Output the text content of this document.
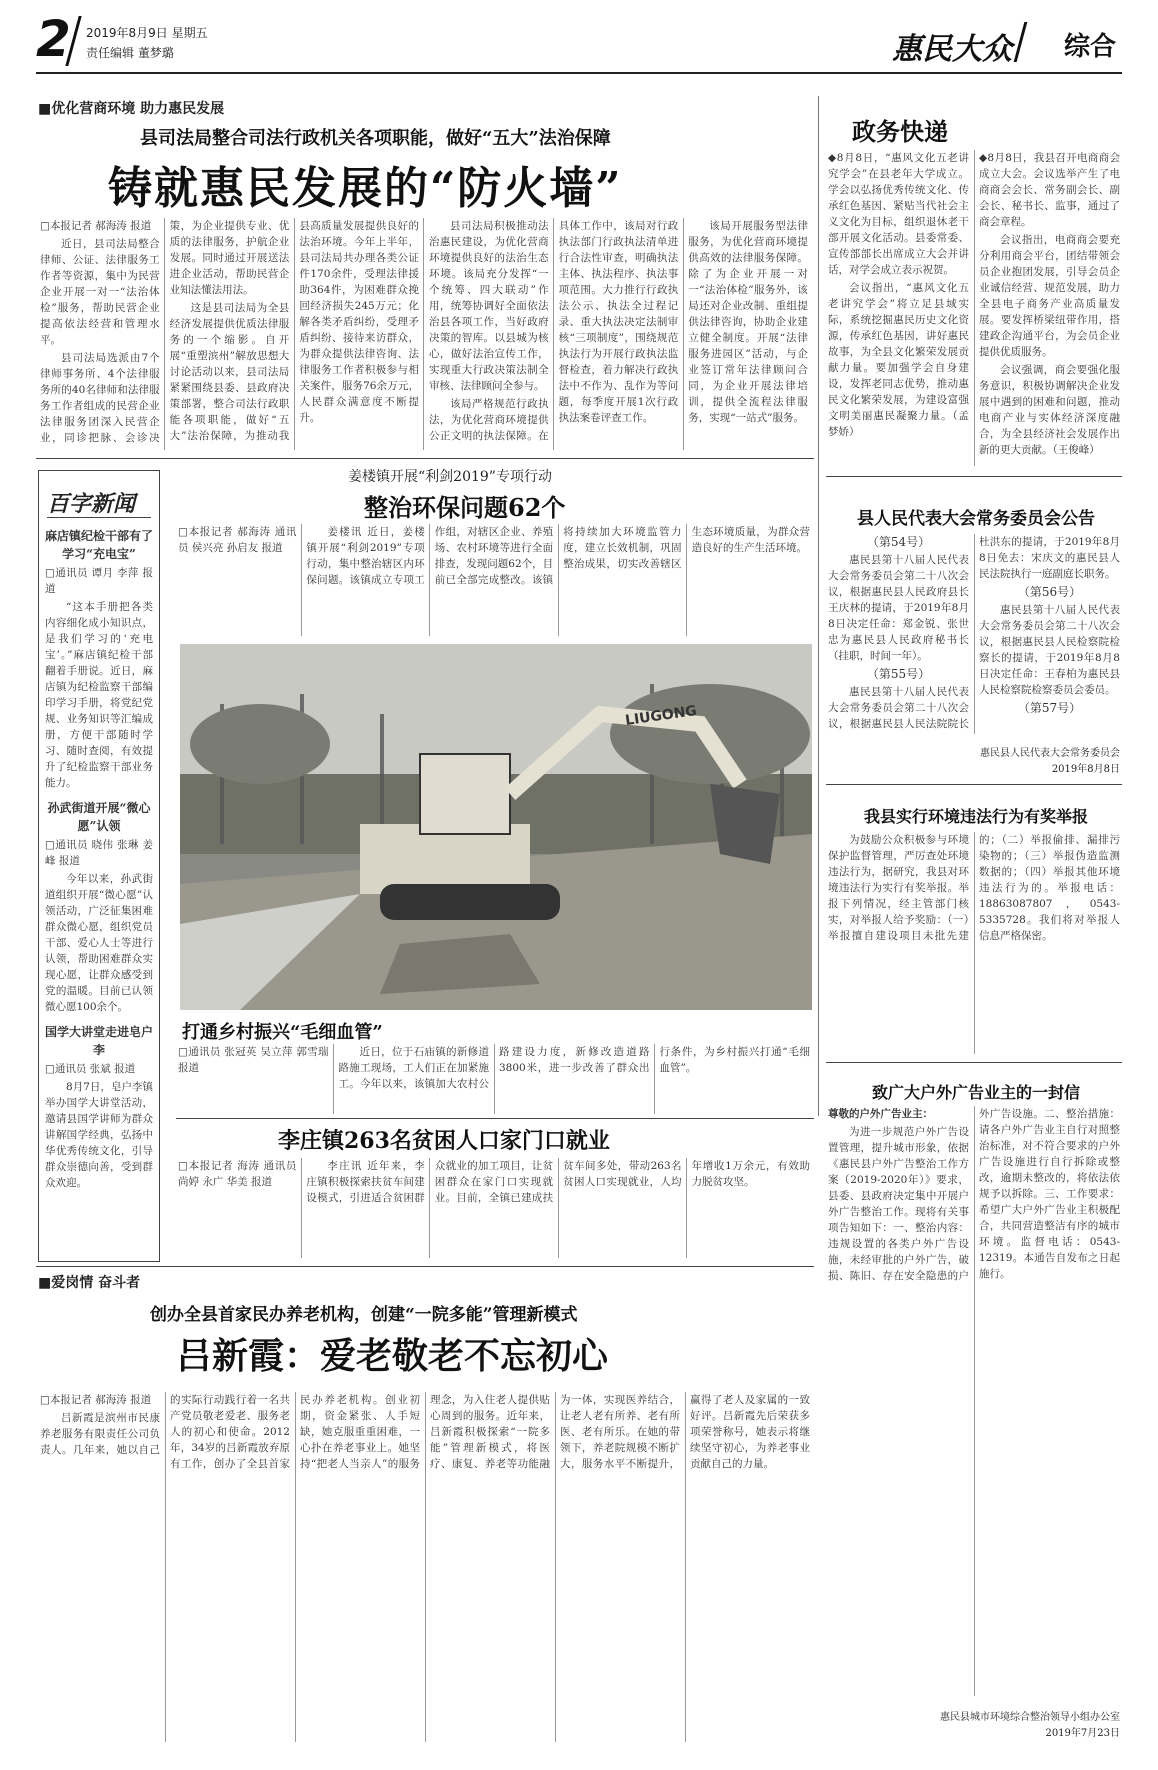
2 2019年8月9日 星期五
责任编辑 董梦璐	惠民大众 综合
■优化营商环境 助力惠民发展
县司法局整合司法行政机关各项职能，做好“五大”法治保障
铸就惠民发展的“防火墙”

□本报记者 郝海涛 报道

近日，县司法局整合律师、公证、法律服务工作者等资源，集中为民营企业开展一对一“法治体检”服务，帮助民营企业提高依法经营和管理水平。

县司法局选派由7个律师事务所、4个法律服务所的40名律师和法律服务工作者组成的民营企业法律服务团深入民营企业，同诊把脉、会诊决策，为企业提供专业、优质的法律服务，护航企业发展。同时通过开展送法进企业活动，帮助民营企业知法懂法用法。

这是县司法局为全县经济发展提供优质法律服务的一个缩影。自开展“重塑滨州”解放思想大讨论活动以来，县司法局紧紧围绕县委、县政府决策部署，整合司法行政职能各项职能，做好“五大”法治保障，为推动我县高质量发展提供良好的法治环境。今年上半年，县司法局共办理各类公证件170余件，受理法律援助364件，为困难群众挽回经济损失245万元；化解各类矛盾纠纷，受理矛盾纠纷、接待来访群众，为群众提供法律咨询、法律服务工作者积极参与相关案件，服务76余万元，人民群众满意度不断提升。

县司法局积极推动法治惠民建设，为优化营商环境提供良好的法治生态环境。该局充分发挥“一个统筹、四大联动”作用，统筹协调好全面依法治县各项工作，当好政府决策的智库。以县城为核心，做好法治宣传工作，实现重大行政决策法制全审核、法律顾问全参与。

该局严格规范行政执法，为优化营商环境提供公正文明的执法保障。在具体工作中，该局对行政执法部门行政执法清单进行合法性审查，明确执法主体、执法程序、执法事项范围。大力推行行政执法公示、执法全过程记录、重大执法决定法制审核“三项制度”，围绕规范执法行为开展行政执法监督检查，着力解决行政执法中不作为、乱作为等问题，每季度开展1次行政执法案卷评查工作。

该局开展服务型法律服务，为优化营商环境提供高效的法律服务保障。除了为企业开展一对一“法治体检”服务外，该局还对企业改制、重组提供法律咨询，协助企业建立健全制度。开展“法律服务进园区”活动，与企业签订常年法律顾问合同，为企业开展法律培训，提供全流程法律服务，实现“一站式”服务。

政务快递

◆8月8日，“惠风文化五老讲究学会”在县老年大学成立。学会以弘扬优秀传统文化、传承红色基因、紧贴当代社会主义文化为目标，组织退休老干部开展文化活动。县委常委、宣传部部长出席成立大会并讲话，对学会成立表示祝贺。

会议指出，“惠风文化五老讲究学会”将立足县域实际，系统挖掘惠民历史文化资源，传承红色基因，讲好惠民故事，为全县文化繁荣发展贡献力量。要加强学会自身建设，发挥老同志优势，推动惠民文化繁荣发展，为建设富强文明美丽惠民凝聚力量。（孟梦娇）

◆8月8日，我县召开电商商会成立大会。会议选举产生了电商商会会长、常务副会长、副会长、秘书长、监事，通过了商会章程。

会议指出，电商商会要充分利用商会平台，团结带领会员企业抱团发展，引导会员企业诚信经营、规范发展，助力全县电子商务产业高质量发展。要发挥桥梁纽带作用，搭建政企沟通平台，为会员企业提供优质服务。

会议强调，商会要强化服务意识，积极协调解决企业发展中遇到的困难和问题，推动电商产业与实体经济深度融合，为全县经济社会发展作出新的更大贡献。（王俊峰）

县人民代表大会常务委员会公告

（第54号）

惠民县第十八届人民代表大会常务委员会第二十八次会议，根据惠民县人民政府县长王庆林的提请，于2019年8月8日决定任命：郑金锐、张世忠为惠民县人民政府秘书长（挂职，时间一年）。

（第55号）

惠民县第十八届人民代表大会常务委员会第二十八次会议，根据惠民县人民法院院长杜洪东的提请，于2019年8月8日免去：宋庆文的惠民县人民法院执行一庭副庭长职务。

（第56号）

惠民县第十八届人民代表大会常务委员会第二十八次会议，根据惠民县人民检察院检察长的提请，于2019年8月8日决定任命：王春柏为惠民县人民检察院检察委员会委员。

（第57号）

惠民县人民代表大会常务委员会
2019年8月8日
我县实行环境违法行为有奖举报

为鼓励公众积极参与环境保护监督管理，严厉查处环境违法行为，据研究，我县对环境违法行为实行有奖举报。举报下列情况，经主管部门核实，对举报人给予奖励：（一）举报擅自建设项目未批先建的；（二）举报偷排、漏排污染物的；（三）举报伪造监测数据的；（四）举报其他环境违法行为的。举报电话：18863087807，0543-5335728。我们将对举报人信息严格保密。

致广大户外广告业主的一封信

尊敬的户外广告业主：

为进一步规范户外广告设置管理，提升城市形象，依据《惠民县户外广告整治工作方案（2019-2020年）》要求，县委、县政府决定集中开展户外广告整治工作。现将有关事项告知如下：一、整治内容：违规设置的各类户外广告设施，未经审批的户外广告，破损、陈旧、存在安全隐患的户外广告设施。二、整治措施：请各户外广告业主自行对照整治标准，对不符合要求的户外广告设施进行自行拆除或整改，逾期未整改的，将依法依规予以拆除。三、工作要求：希望广大户外广告业主积极配合，共同营造整洁有序的城市环境。监督电话：0543-12319。本通告自发布之日起施行。

惠民县城市环境综合整治领导小组办公室
2019年7月23日
百字新闻

麻店镇纪检干部有了学习“充电宝”

□通讯员 谭月 李萍 报道

“这本手册把各类内容细化成小知识点，是我们学习的‘充电宝’。”麻店镇纪检干部翻着手册说。近日，麻店镇为纪检监察干部编印学习手册，将党纪党规、业务知识等汇编成册，方便干部随时学习、随时查阅，有效提升了纪检监察干部业务能力。

孙武街道开展“微心愿”认领

□通讯员 晓伟 张琳 姜峰 报道

今年以来，孙武街道组织开展“微心愿”认领活动，广泛征集困难群众微心愿，组织党员干部、爱心人士等进行认领，帮助困难群众实现心愿，让群众感受到党的温暖。目前已认领微心愿100余个。

国学大讲堂走进皂户李

□通讯员 张斌 报道

8月7日，皂户李镇举办国学大讲堂活动，邀请县国学讲师为群众讲解国学经典，弘扬中华优秀传统文化，引导群众崇德向善，受到群众欢迎。

姜楼镇开展“利剑2019”专项行动
整治环保问题62个

□本报记者 郝海涛 通讯员 侯兴亮 孙启友 报道

姜楼讯 近日，姜楼镇开展“利剑2019”专项行动，集中整治辖区内环保问题。该镇成立专项工作组，对辖区企业、养殖场、农村环境等进行全面排查，发现问题62个，目前已全部完成整改。该镇将持续加大环境监管力度，建立长效机制，巩固整治成果，切实改善辖区生态环境质量，为群众营造良好的生产生活环境。

LIUGONG
打通乡村振兴“毛细血管”

□通讯员 张冠英 吴立萍 郭雪瑞 报道

近日，位于石庙镇的新修道路施工现场，工人们正在加紧施工。今年以来，该镇加大农村公路建设力度，新修改造道路3800米，进一步改善了群众出行条件，为乡村振兴打通“毛细血管”。

李庄镇263名贫困人口家门口就业

□本报记者 海涛 通讯员 尚婷 永广 华美 报道

李庄讯 近年来，李庄镇积极探索扶贫车间建设模式，引进适合贫困群众就业的加工项目，让贫困群众在家门口实现就业。目前，全镇已建成扶贫车间多处，带动263名贫困人口实现就业，人均年增收1万余元，有效助力脱贫攻坚。

■爱岗情 奋斗者
创办全县首家民办养老机构，创建“一院多能”管理新模式
吕新霞：爱老敬老不忘初心

□本报记者 郝海涛 报道

吕新霞是滨州市民康养老服务有限责任公司负责人。几年来，她以自己的实际行动践行着一名共产党员敬老爱老、服务老人的初心和使命。2012年，34岁的吕新霞放弃原有工作，创办了全县首家民办养老机构。创业初期，资金紧张、人手短缺，她克服重重困难，一心扑在养老事业上。她坚持“把老人当亲人”的服务理念，为入住老人提供贴心周到的服务。近年来，吕新霞积极探索“一院多能”管理新模式，将医疗、康复、养老等功能融为一体，实现医养结合，让老人老有所养、老有所医、老有所乐。在她的带领下，养老院规模不断扩大，服务水平不断提升，赢得了老人及家属的一致好评。吕新霞先后荣获多项荣誉称号，她表示将继续坚守初心，为养老事业贡献自己的力量。
